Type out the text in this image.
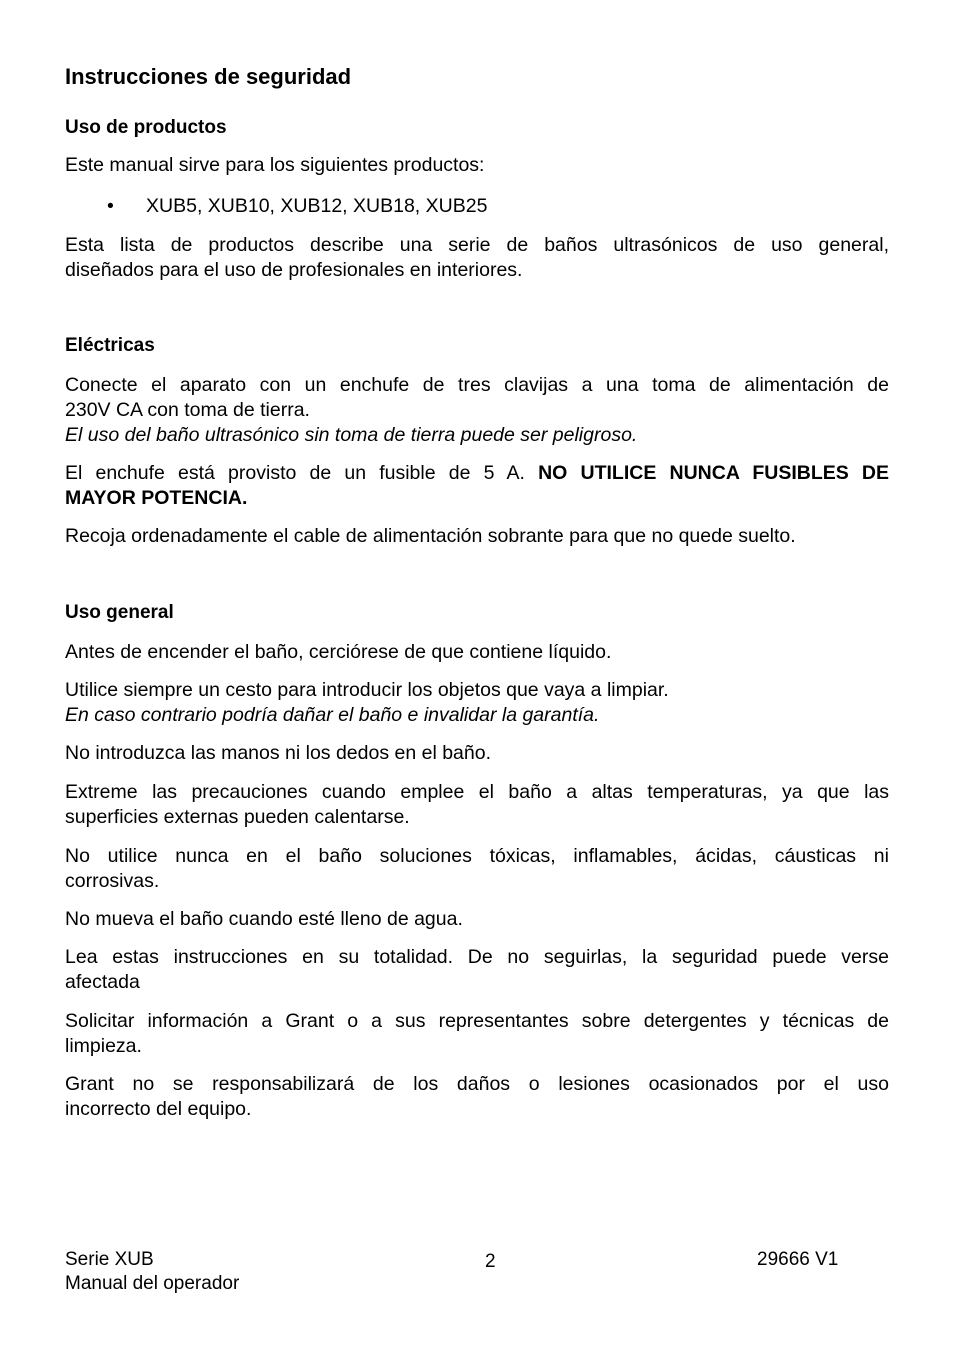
Instrucciones de seguridad
Uso de productos

Este manual sirve para los siguientes productos:

• XUB5, XUB10, XUB12, XUB18, XUB25

Esta lista de productos describe una serie de baños ultrasónicos de uso general,
diseñados para el uso de profesionales en interiores.

Eléctricas

Conecte el aparato con un enchufe de tres clavijas a una toma de alimentación de
230V CA con toma de tierra.
El uso del baño ultrasónico sin toma de tierra puede ser peligroso.

El enchufe está provisto de un fusible de 5 A. NO UTILICE NUNCA FUSIBLES DE
MAYOR POTENCIA.

Recoja ordenadamente el cable de alimentación sobrante para que no quede suelto.

Uso general

Antes de encender el baño, cerciórese de que contiene líquido.

Utilice siempre un cesto para introducir los objetos que vaya a limpiar.
En caso contrario podría dañar el baño e invalidar la garantía.

No introduzca las manos ni los dedos en el baño.

Extreme las precauciones cuando emplee el baño a altas temperaturas, ya que las
superficies externas pueden calentarse.

No utilice nunca en el baño soluciones tóxicas, inflamables, ácidas, cáusticas ni
corrosivas.

No mueva el baño cuando esté lleno de agua.

Lea estas instrucciones en su totalidad. De no seguirlas, la seguridad puede verse
afectada

Solicitar información a Grant o a sus representantes sobre detergentes y técnicas de
limpieza.

Grant no se responsabilizará de los daños o lesiones ocasionados por el uso
incorrecto del equipo.

Serie XUB
Manual del operador
2	29666 V1
